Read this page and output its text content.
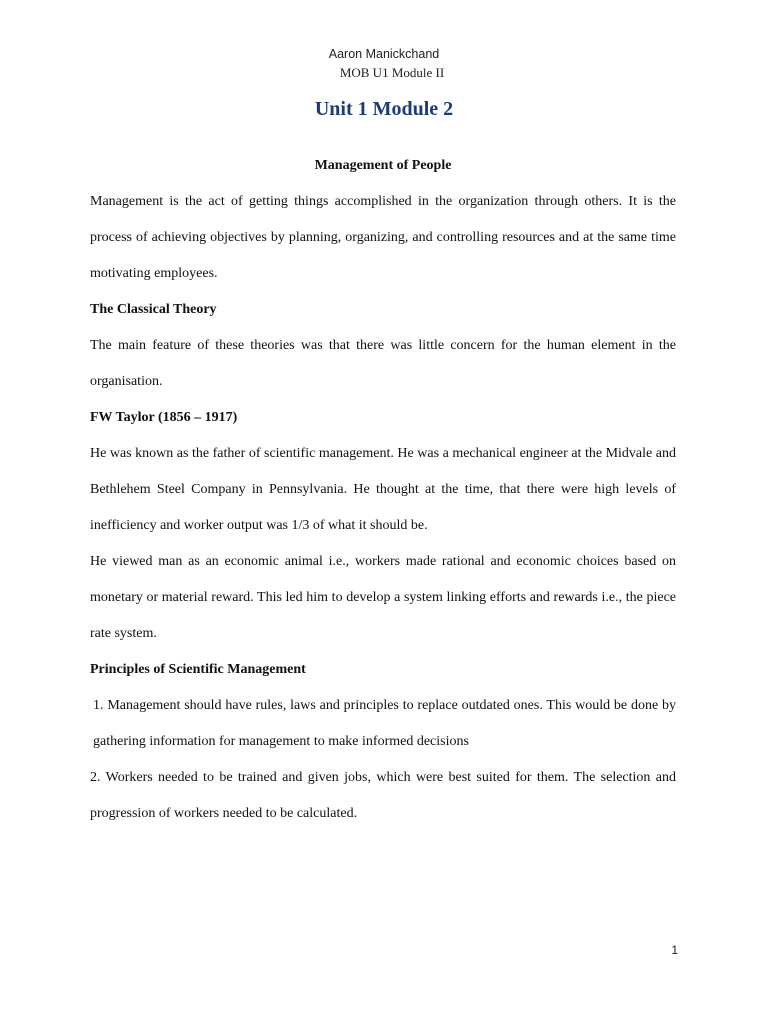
Aaron Manickchand
MOB U1 Module II
Unit 1 Module 2
Management of People

Management is the act of getting things accomplished in the organization through others. It is the process of achieving objectives by planning, organizing, and controlling resources and at the same time motivating employees.

The Classical Theory

The main feature of these theories was that there was little concern for the human element in the organisation.

FW Taylor (1856 – 1917)

He was known as the father of scientific management. He was a mechanical engineer at the Midvale and Bethlehem Steel Company in Pennsylvania. He thought at the time, that there were high levels of inefficiency and worker output was 1/3 of what it should be.

He viewed man as an economic animal i.e., workers made rational and economic choices based on monetary or material reward. This led him to develop a system linking efforts and rewards i.e., the piece rate system.

Principles of Scientific Management

1. Management should have rules, laws and principles to replace outdated ones. This would be done by gathering information for management to make informed decisions

2. Workers needed to be trained and given jobs, which were best suited for them. The selection and progression of workers needed to be calculated.

1
